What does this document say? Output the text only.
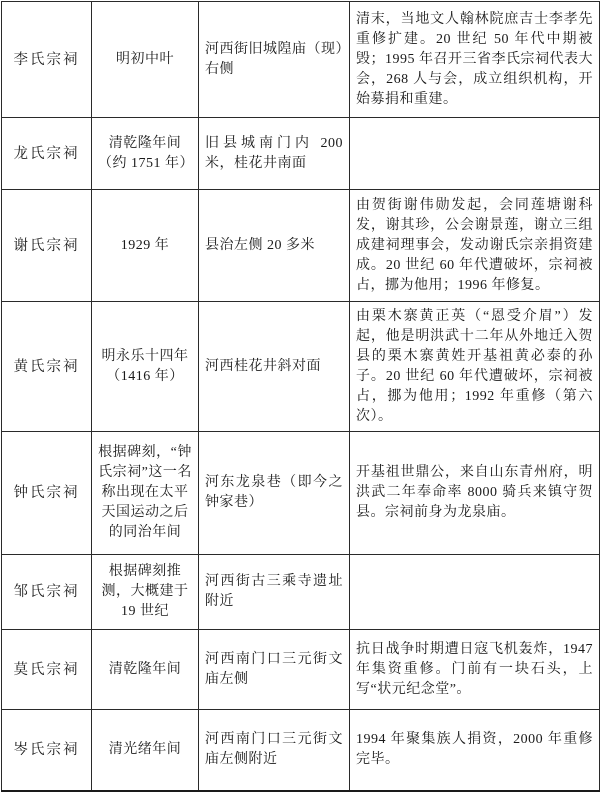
李氏宗祠	明初中叶	河西街旧城隍庙（现）右侧	清末，当地文人翰林院庶吉士李孝先重修扩建。20 世纪 50 年代中期被毁；1995 年召开三省李氏宗祠代表大会，268 人与会，成立组织机构，开始募捐和重建。
龙氏宗祠	清乾隆年间（约 1751 年）	旧县城南门内 200 米，桂花井南面	
谢氏宗祠	1929 年	县治左侧 20 多米	由贺街谢伟勋发起，会同莲塘谢科发，谢其珍，公会谢景莲，谢立三组成建祠理事会，发动谢氏宗亲捐资建成。20 世纪 60 年代遭破坏，宗祠被占，挪为他用；1996 年修复。
黄氏宗祠	明永乐十四年（1416 年）	河西桂花井斜对面	由栗木寨黄正英（“恩受介眉”）发起，他是明洪武十二年从外地迁入贺县的栗木寨黄姓开基祖黄必泰的孙子。20 世纪 60 年代遭破坏，宗祠被占，挪为他用；1992 年重修（第六次）。
钟氏宗祠	根据碑刻，“钟氏宗祠”这一名称出现在太平天国运动之后的同治年间	河东龙泉巷（即今之钟家巷）	开基祖世鼎公，来自山东青州府，明洪武二年奉命率 8000 骑兵来镇守贺县。宗祠前身为龙泉庙。
邹氏宗祠	根据碑刻推测，大概建于 19 世纪	河西街古三乘寺遗址附近	
莫氏宗祠	清乾隆年间	河西南门口三元街文庙左侧	抗日战争时期遭日寇飞机轰炸，1947 年集资重修。门前有一块石头，上写“状元纪念堂”。
岑氏宗祠	清光绪年间	河西南门口三元街文庙左侧附近	1994 年聚集族人捐资，2000 年重修完毕。
